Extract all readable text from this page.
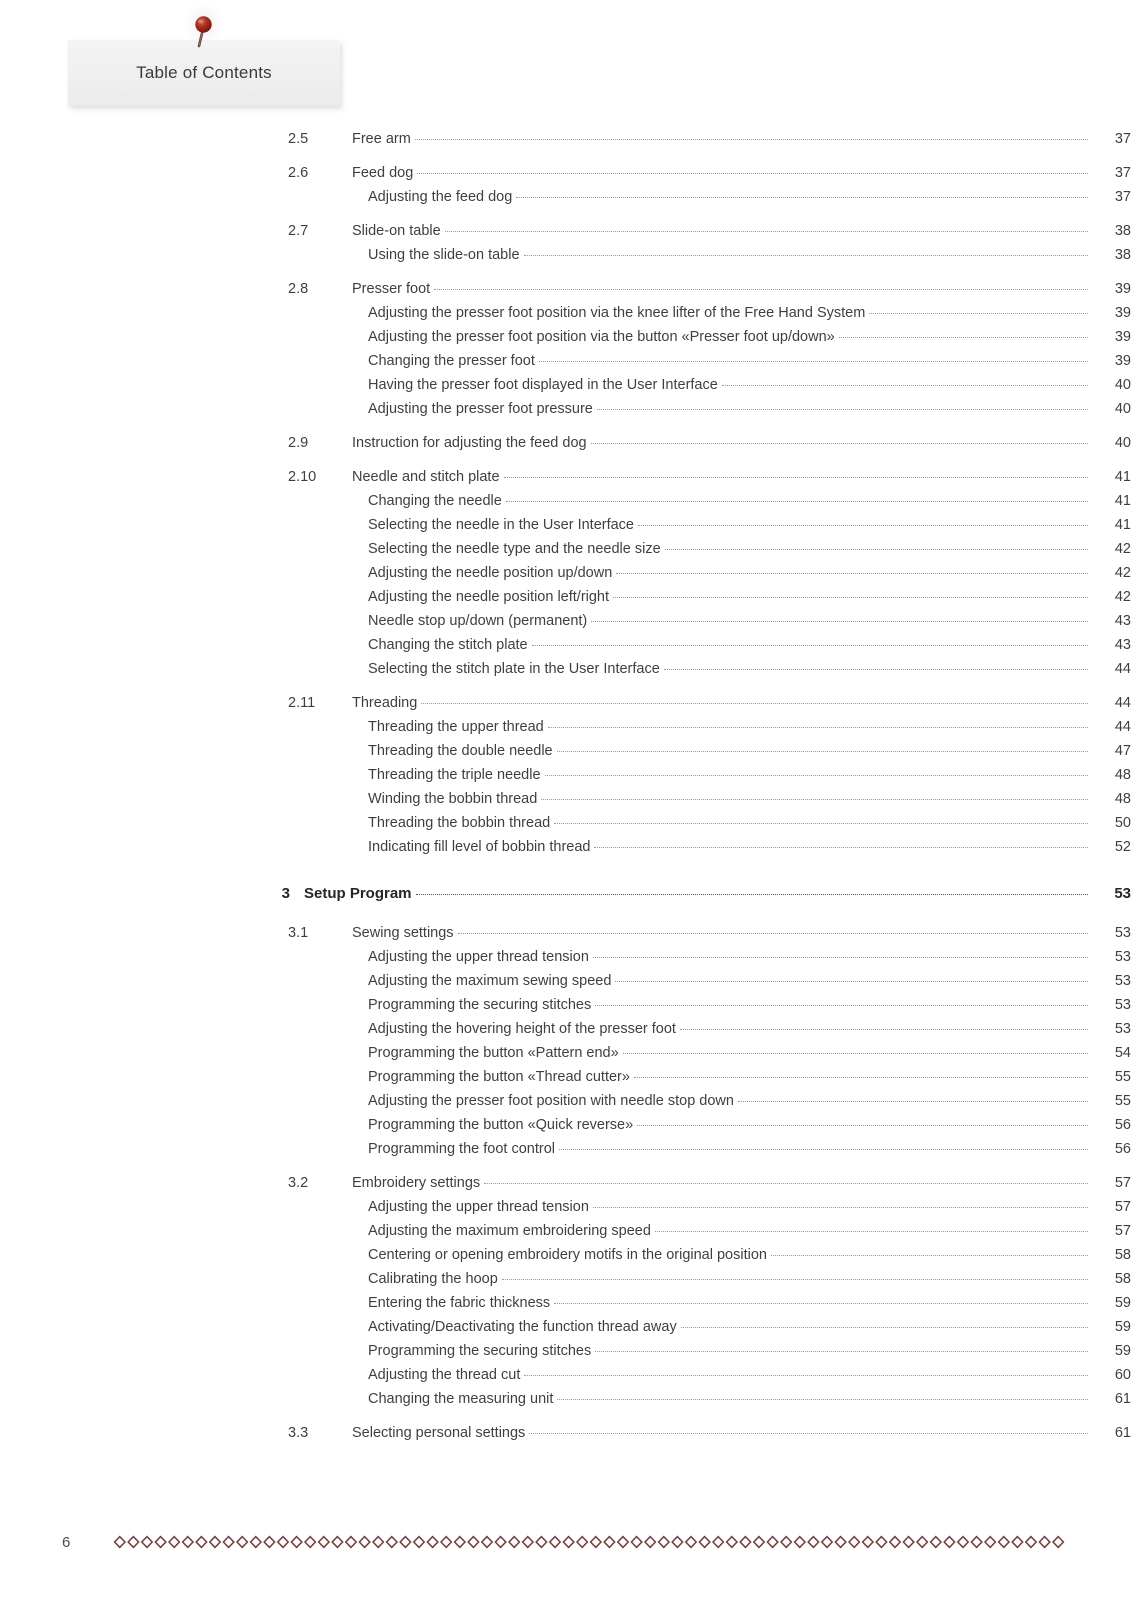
Table of Contents
2.5	Free arm	37
2.6	Feed dog	37
Adjusting the feed dog	37
2.7	Slide-on table	38
Using the slide-on table	38
2.8	Presser foot	39
Adjusting the presser foot position via the knee lifter of the Free Hand System	39
Adjusting the presser foot position via the button «Presser foot up/down»	39
Changing the presser foot	39
Having the presser foot displayed in the User Interface	40
Adjusting the presser foot pressure	40
2.9	Instruction for adjusting the feed dog	40
2.10	Needle and stitch plate	41
Changing the needle	41
Selecting the needle in the User Interface	41
Selecting the needle type and the needle size	42
Adjusting the needle position up/down	42
Adjusting the needle position left/right	42
Needle stop up/down (permanent)	43
Changing the stitch plate	43
Selecting the stitch plate in the User Interface	44
2.11	Threading	44
Threading the upper thread	44
Threading the double needle	47
Threading the triple needle	48
Winding the bobbin thread	48
Threading the bobbin thread	50
Indicating fill level of bobbin thread	52
3 Setup Program	53
3.1	Sewing settings	53
Adjusting the upper thread tension	53
Adjusting the maximum sewing speed	53
Programming the securing stitches	53
Adjusting the hovering height of the presser foot	53
Programming the button «Pattern end»	54
Programming the button «Thread cutter»	55
Adjusting the presser foot position with needle stop down	55
Programming the button «Quick reverse»	56
Programming the foot control	56
3.2	Embroidery settings	57
Adjusting the upper thread tension	57
Adjusting the maximum embroidering speed	57
Centering or opening embroidery motifs in the original position	58
Calibrating the hoop	58
Entering the fabric thickness	59
Activating/Deactivating the function thread away	59
Programming the securing stitches	59
Adjusting the thread cut	60
Changing the measuring unit	61
3.3	Selecting personal settings	61
6
